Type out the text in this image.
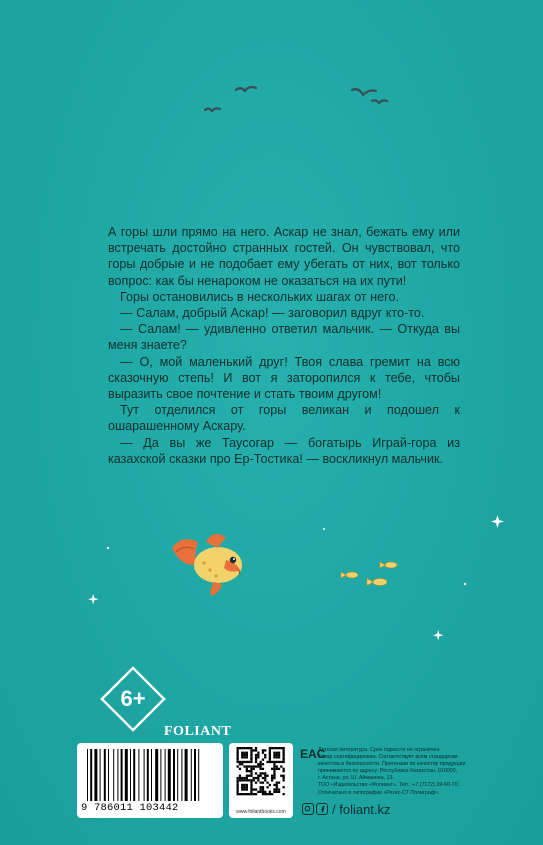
А горы шли прямо на него. Аскар не знал, бежать ему или встречать достойно странных гостей. Он чувствовал, что горы добрые и не подобает ему убегать от них, вот только вопрос: как бы ненароком не оказаться на их пути!

Горы остановились в нескольких шагах от него.

— Салам, добрый Аскар! — заговорил вдруг кто-то.

— Салам! — удивленно ответил мальчик. — Откуда вы меня знаете?

— О, мой маленький друг! Твоя слава гремит на всю сказочную степь! И вот я заторопился к тебе, чтобы выразить свое почтение и стать твоим другом!

Тут отделился от горы великан и подошел к ошарашенному Аскару.

— Да вы же Таусогар — богатырь Играй-гора из казахской сказки про Ер-Тостика! — воскликнул мальчик.

6+
FOLIANT
9 786011 103442	www.foliantbooks.com
EAC
Детская литература. Срок годности не ограничен.
Товар сертифицирован. Соответствует всем стандартам
качества и безопасности. Претензии по качеству продукции
принимаются по адресу: Республика Казахстан, 010000,
г. Астана, ул. Ш. Айманова, 13.
ТОО «Издательство «Фолиант». Тел.: +7 (7172) 39-60-70.
Отпечатано в типографии «Регис-СТ Полиграф».
/ foliant.kz
